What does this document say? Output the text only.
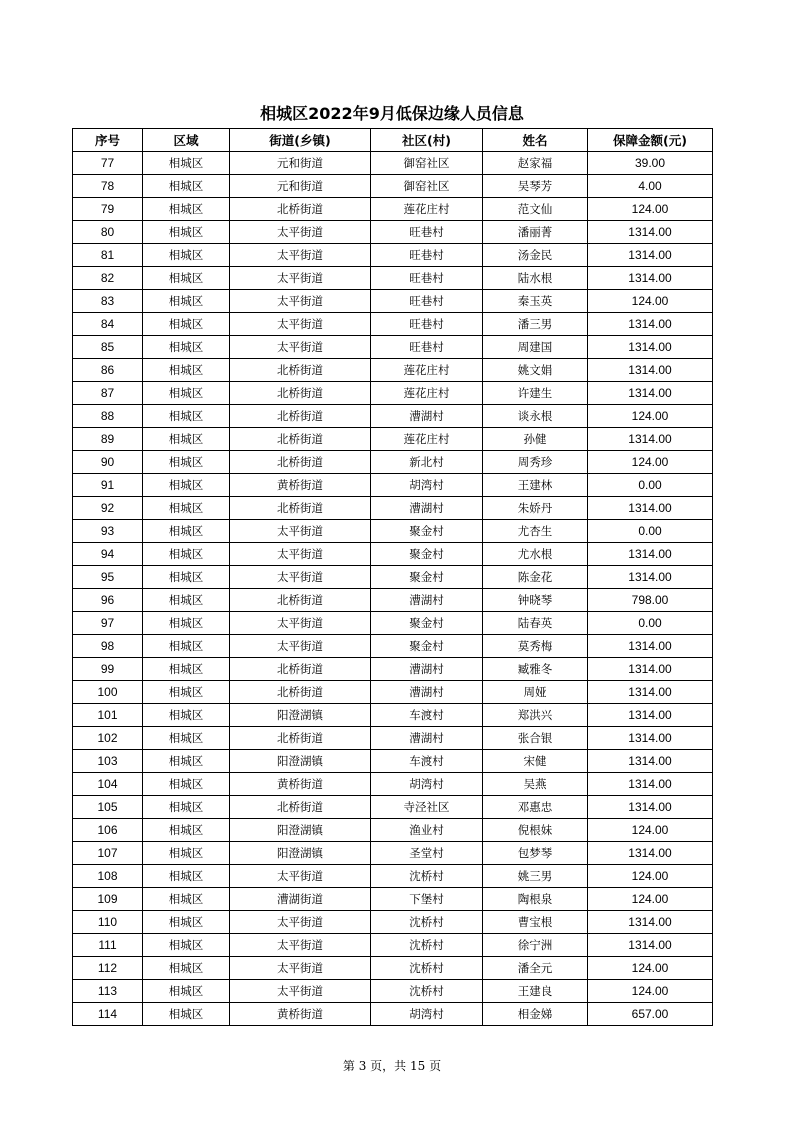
相城区2022年9月低保边缘人员信息
序号	区域	街道(乡镇)	社区(村)	姓名	保障金额(元)
77	相城区	元和街道	御窑社区	赵家福	39.00
78	相城区	元和街道	御窑社区	吴琴芳	4.00
79	相城区	北桥街道	莲花庄村	范文仙	124.00
80	相城区	太平街道	旺巷村	潘丽菁	1314.00
81	相城区	太平街道	旺巷村	汤金民	1314.00
82	相城区	太平街道	旺巷村	陆水根	1314.00
83	相城区	太平街道	旺巷村	秦玉英	124.00
84	相城区	太平街道	旺巷村	潘三男	1314.00
85	相城区	太平街道	旺巷村	周建国	1314.00
86	相城区	北桥街道	莲花庄村	姚文娟	1314.00
87	相城区	北桥街道	莲花庄村	许建生	1314.00
88	相城区	北桥街道	漕湖村	谈永根	124.00
89	相城区	北桥街道	莲花庄村	孙健	1314.00
90	相城区	北桥街道	新北村	周秀珍	124.00
91	相城区	黄桥街道	胡湾村	王建林	0.00
92	相城区	北桥街道	漕湖村	朱娇丹	1314.00
93	相城区	太平街道	聚金村	尤杏生	0.00
94	相城区	太平街道	聚金村	尤水根	1314.00
95	相城区	太平街道	聚金村	陈金花	1314.00
96	相城区	北桥街道	漕湖村	钟晓琴	798.00
97	相城区	太平街道	聚金村	陆春英	0.00
98	相城区	太平街道	聚金村	莫秀梅	1314.00
99	相城区	北桥街道	漕湖村	臧雅冬	1314.00
100	相城区	北桥街道	漕湖村	周娅	1314.00
101	相城区	阳澄湖镇	车渡村	郑洪兴	1314.00
102	相城区	北桥街道	漕湖村	张合银	1314.00
103	相城区	阳澄湖镇	车渡村	宋健	1314.00
104	相城区	黄桥街道	胡湾村	吴燕	1314.00
105	相城区	北桥街道	寺泾社区	邓惠忠	1314.00
106	相城区	阳澄湖镇	渔业村	倪根妹	124.00
107	相城区	阳澄湖镇	圣堂村	包梦琴	1314.00
108	相城区	太平街道	沈桥村	姚三男	124.00
109	相城区	漕湖街道	下堡村	陶根泉	124.00
110	相城区	太平街道	沈桥村	曹宝根	1314.00
111	相城区	太平街道	沈桥村	徐宁洲	1314.00
112	相城区	太平街道	沈桥村	潘全元	124.00
113	相城区	太平街道	沈桥村	王建良	124.00
114	相城区	黄桥街道	胡湾村	相金娣	657.00
第 3 页，共 15 页
